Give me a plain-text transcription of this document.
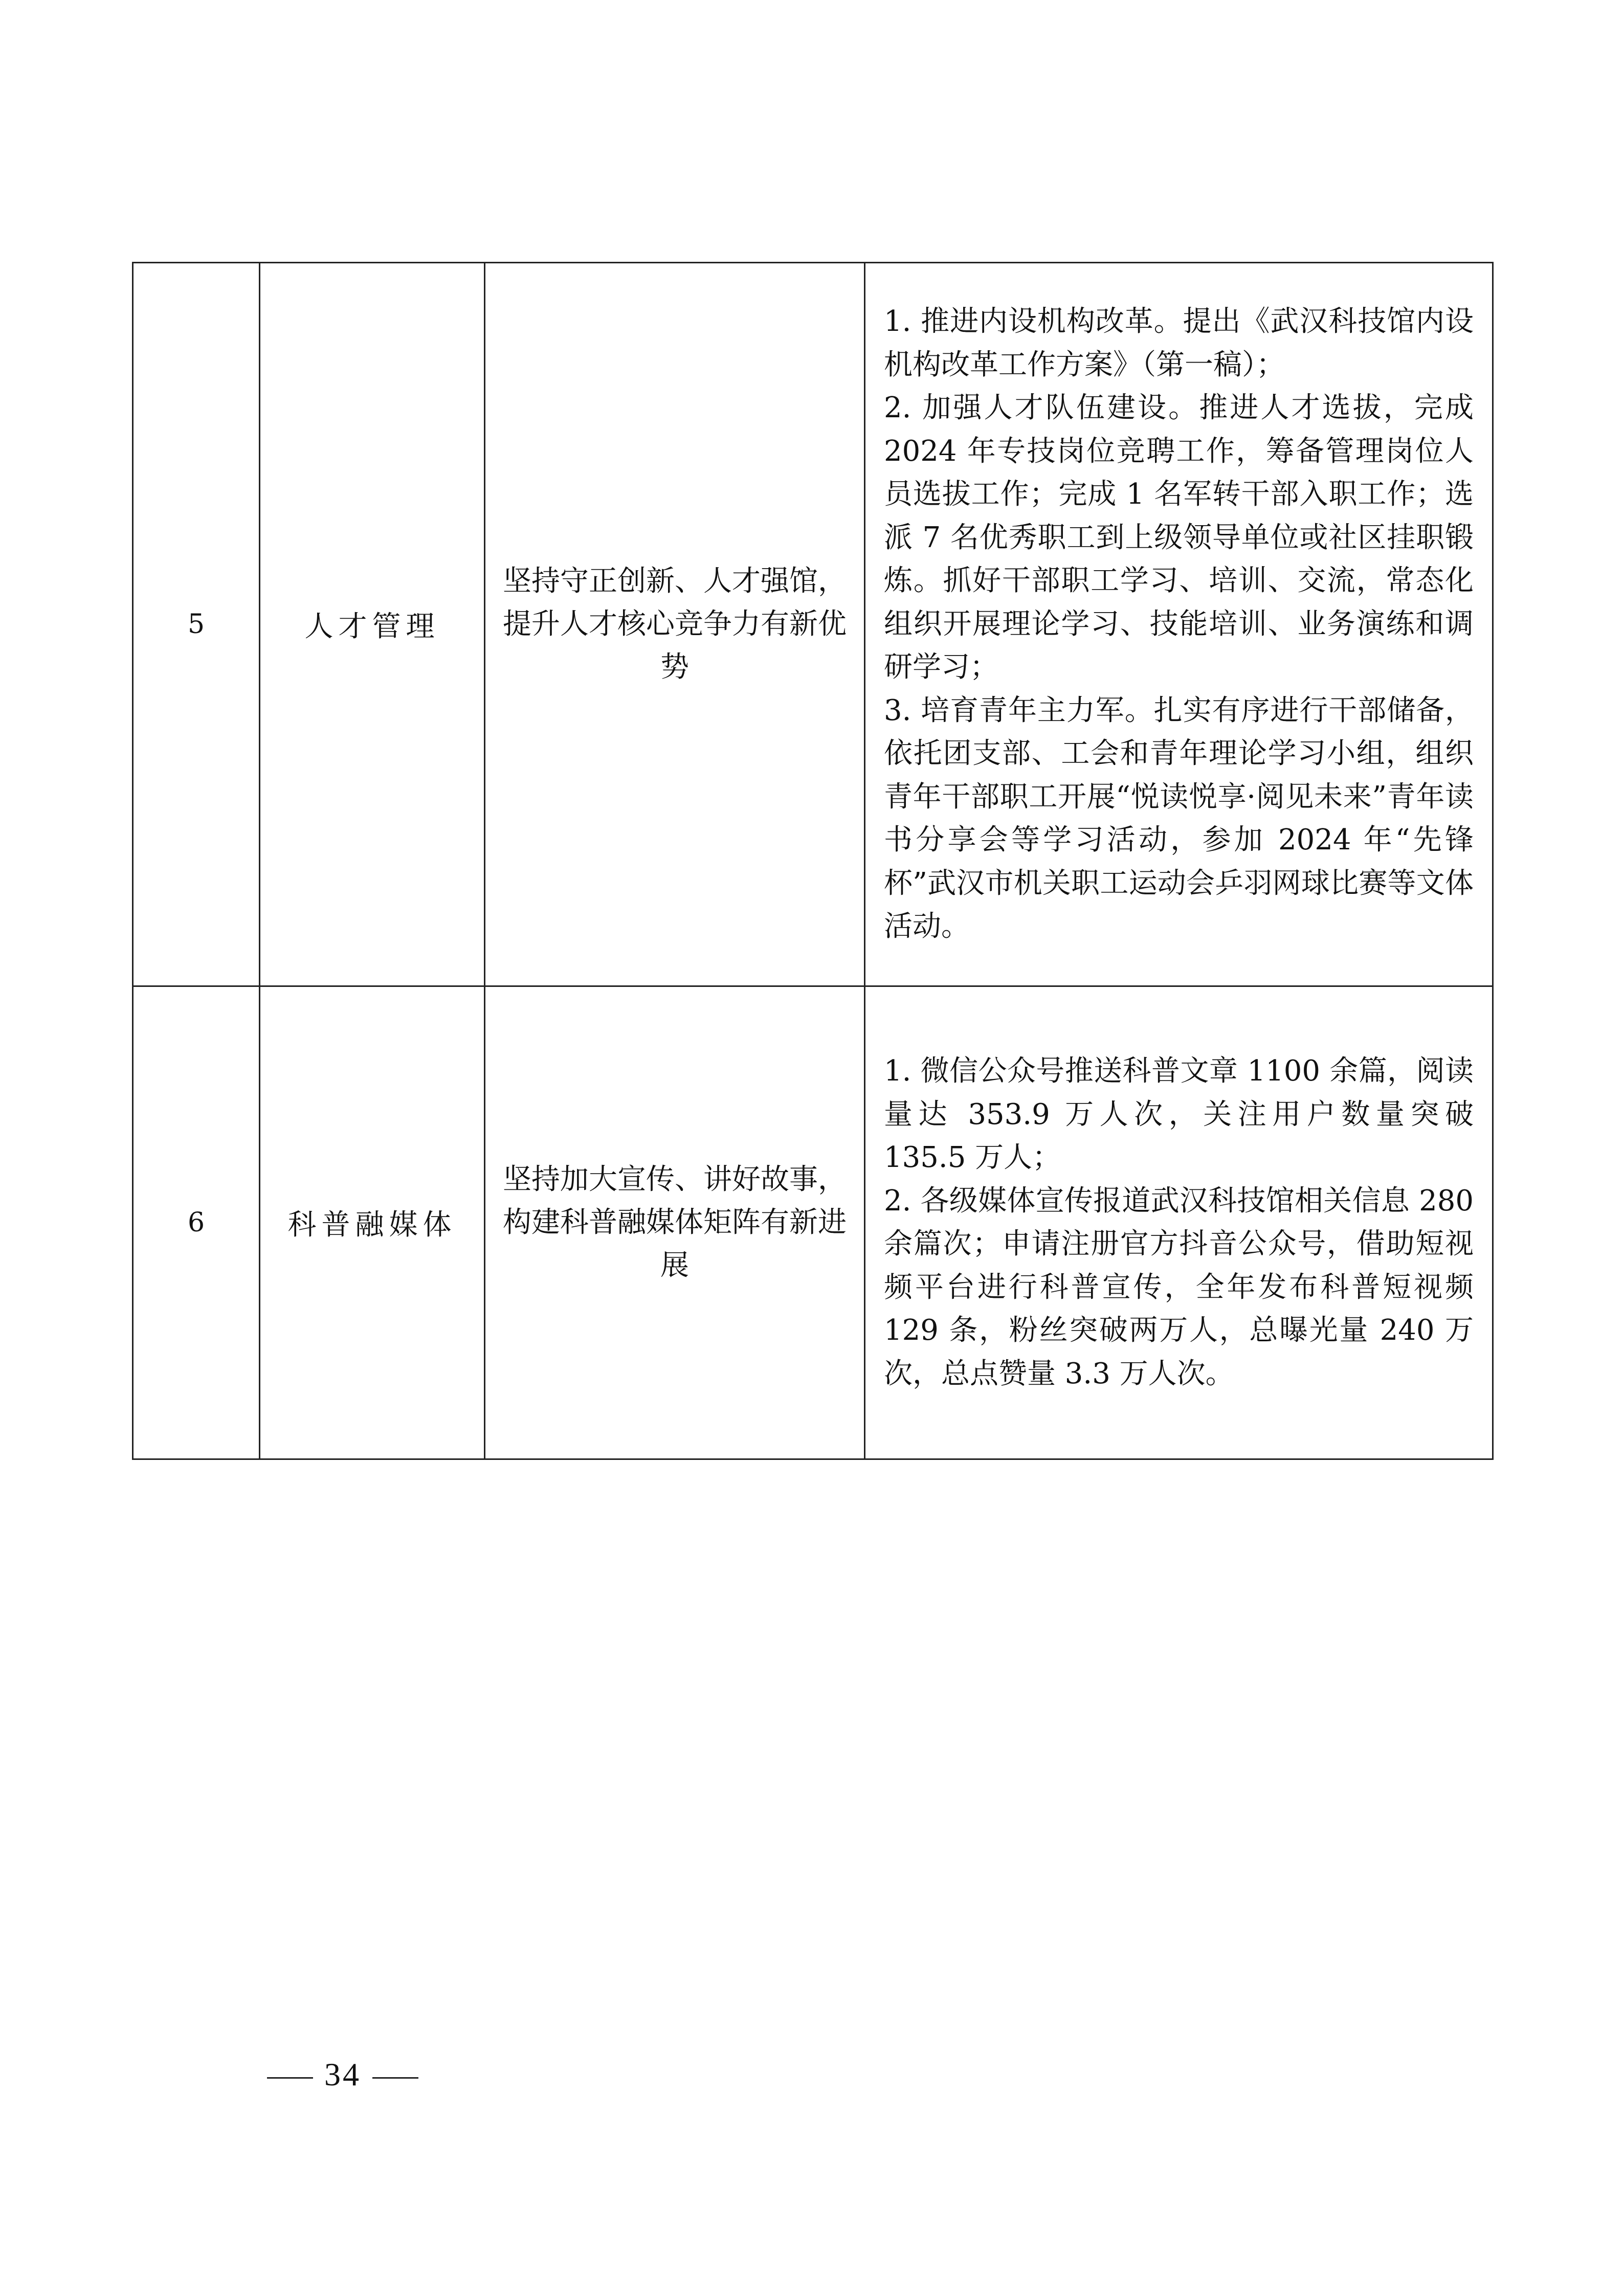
5	人才管理	坚持守正创新、人才强馆，提升人才核心竞争力有新优势	1. 推进内设机构改革。提出《武汉科技馆内设机构改革工作方案》（第一稿）；
2. 加强人才队伍建设。推进人才选拔，完成 2024 年专技岗位竞聘工作，筹备管理岗位人员选拔工作；完成 1 名军转干部入职工作；选派 7 名优秀职工到上级领导单位或社区挂职锻炼。抓好干部职工学习、培训、交流，常态化组织开展理论学习、技能培训、业务演练和调研学习；
3. 培育青年主力军。扎实有序进行干部储备，依托团支部、工会和青年理论学习小组，组织青年干部职工开展“悦读悦享·阅见未来”青年读书分享会等学习活动，参加 2024 年“先锋杯”武汉市机关职工运动会乒羽网球比赛等文体活动。

6	科普融媒体	坚持加大宣传、讲好故事，构建科普融媒体矩阵有新进展	1. 微信公众号推送科普文章 1100 余篇，阅读量达 353.9 万人次，关注用户数量突破 135.5 万人；
2. 各级媒体宣传报道武汉科技馆相关信息 280 余篇次；申请注册官方抖音公众号，借助短视频平台进行科普宣传，全年发布科普短视频 129 条，粉丝突破两万人，总曝光量 240 万次，总点赞量 3.3 万人次。
34
